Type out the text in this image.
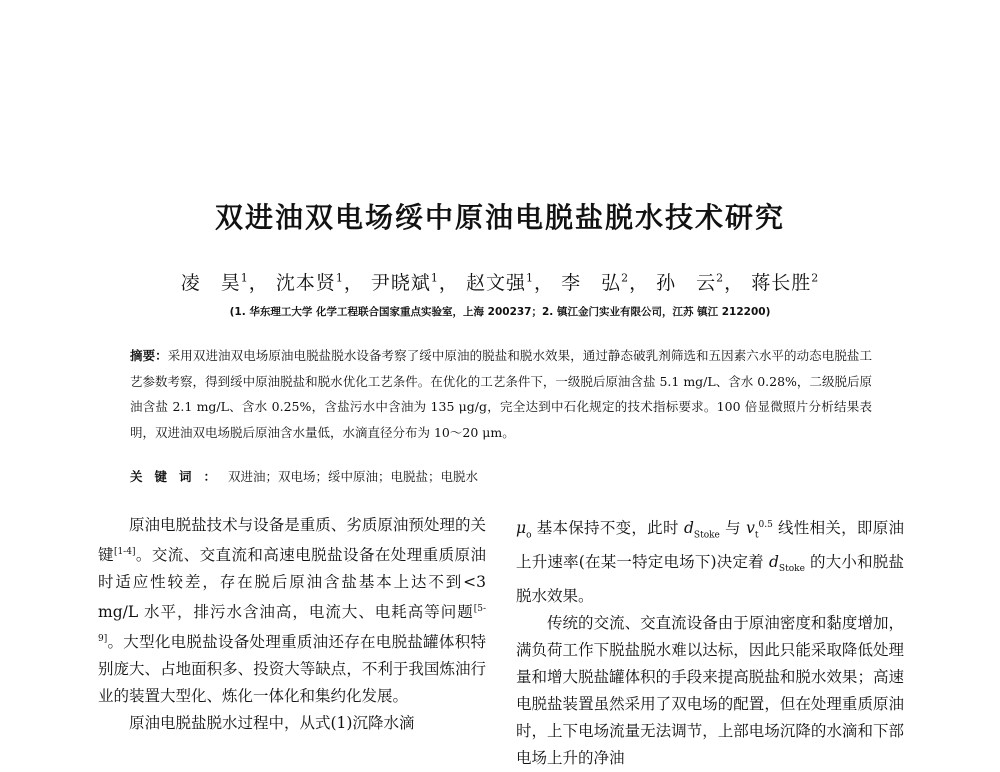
双进油双电场绥中原油电脱盐脱水技术研究
凌　昊$^1$， 沈本贤$^1$， 尹晓斌$^1$， 赵文强$^1$， 李　弘$^2$， 孙　云$^2$， 蒋长胜$^2$
(1. 华东理工大学 化学工程联合国家重点实验室，上海 200237；2. 镇江金门实业有限公司，江苏 镇江 212200)
摘要：采用双进油双电场原油电脱盐脱水设备考察了绥中原油的脱盐和脱水效果，通过静态破乳剂筛选和五因素六水平的动态电脱盐工艺参数考察，得到绥中原油脱盐和脱水优化工艺条件。在优化的工艺条件下，一级脱后原油含盐 5.1 mg/L、含水 0.28%，二级脱后原油含盐 2.1 mg/L、含水 0.25%，含盐污水中含油为 135 μg/g，完全达到中石化规定的技术指标要求。100 倍显微照片分析结果表明，双进油双电场脱后原油含水量低，水滴直径分布为 10～20 μm。
关键词：双进油；双电场；绥中原油；电脱盐；电脱水

原油电脱盐技术与设备是重质、劣质原油预处理的关键[1-4]。交流、交直流和高速电脱盐设备在处理重质原油时适应性较差，存在脱后原油含盐基本上达不到<3 mg/L 水平，排污水含油高，电流大、电耗高等问题[5-9]。大型化电脱盐设备处理重质油还存在电脱盐罐体积特别庞大、占地面积多、投资大等缺点，不利于我国炼油行业的装置大型化、炼化一体化和集约化发展。

原油电脱盐脱水过程中，从式(1)沉降水滴

$\mu_o$ 基本保持不变，此时 $d_{Stoke}$ 与 $v_t^{0.5}$ 线性相关，即原油上升速率(在某一特定电场下)决定着 $d_{Stoke}$ 的大小和脱盐脱水效果。

传统的交流、交直流设备由于原油密度和黏度增加，满负荷工作下脱盐脱水难以达标，因此只能采取降低处理量和增大脱盐罐体积的手段来提高脱盐和脱水效果；高速电脱盐装置虽然采用了双电场的配置，但在处理重质原油时，上下电场流量无法调节，上部电场沉降的水滴和下部电场上升的净油
